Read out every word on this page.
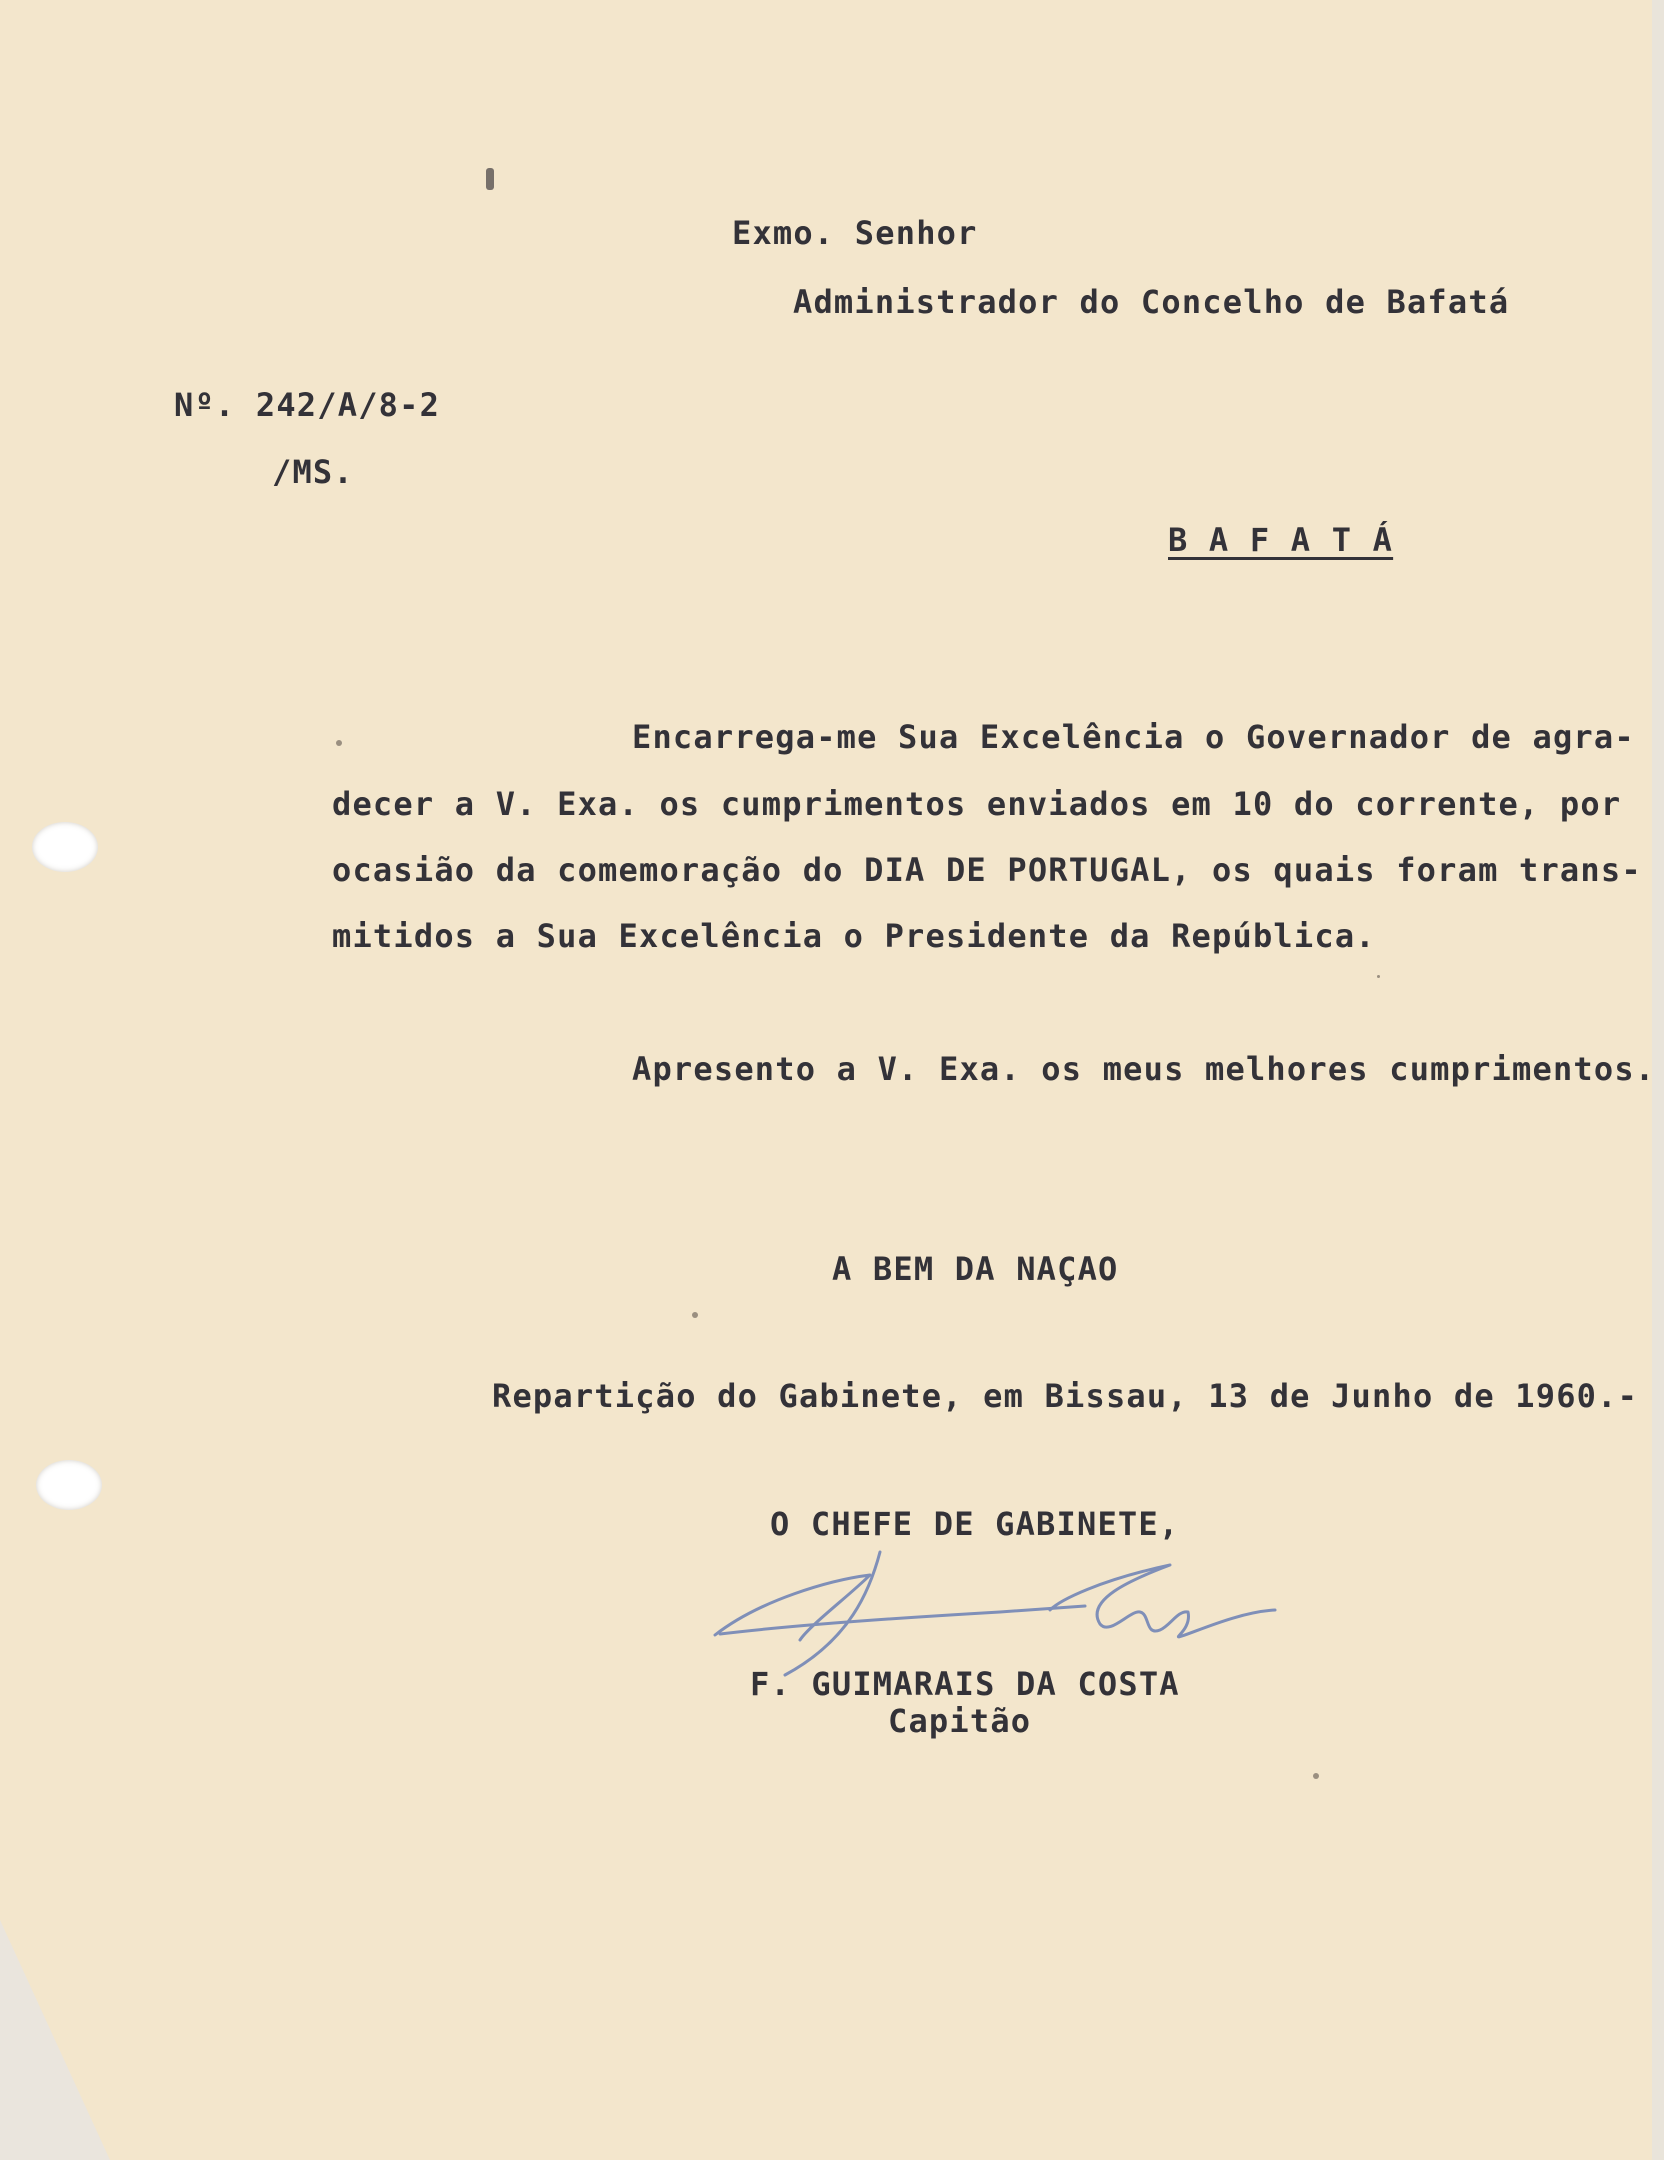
Exmo. Senhor

Administrador do Concelho de Bafatá

Nº. 242/A/8-2

/MS.

B A F A T Á

Encarrega-me Sua Excelência o Governador de agra-

decer a V. Exa. os cumprimentos enviados em 10 do corrente, por

ocasião da comemoração do DIA DE PORTUGAL, os quais foram trans-

mitidos a Sua Excelência o Presidente da República.

Apresento a V. Exa. os meus melhores cumprimentos.

A BEM DA NAÇAO

Repartição do Gabinete, em Bissau, 13 de Junho de 1960.-

O CHEFE DE GABINETE,

F. GUIMARAIS DA COSTA

Capitão
